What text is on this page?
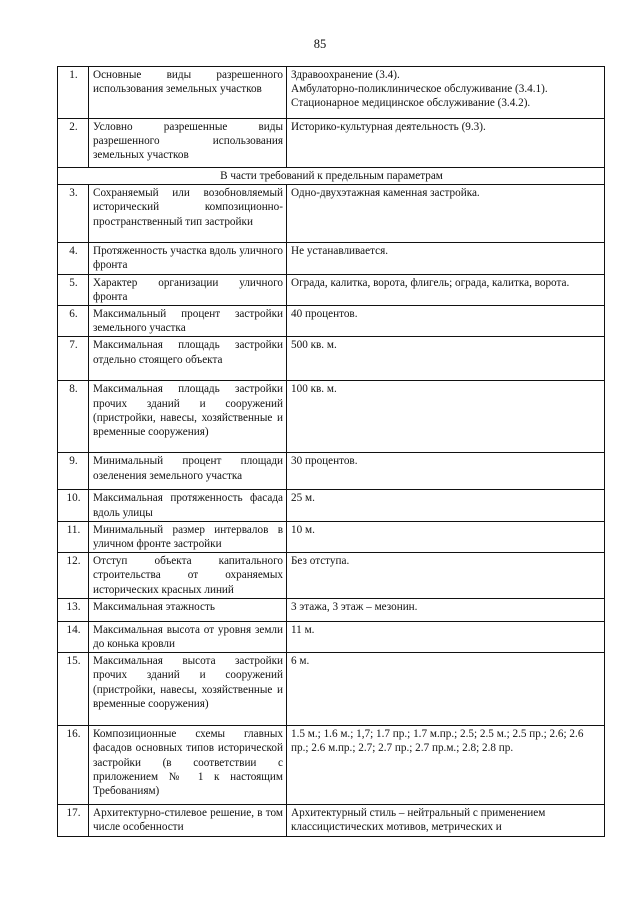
85
1.	Основные виды разрешенного использования земельных участков	Здравоохранение (3.4).
Амбулаторно-поликлиническое обслуживание (3.4.1).
Стационарное медицинское обслуживание (3.4.2).

2.	Условно разрешенные виды разрешенного использования земельных участков	Историко-культурная деятельность (9.3).

В части требований к предельным параметрам		
3.	Сохраняемый или возобновляемый исторический композиционно-пространственный тип застройки	Одно-двухэтажная каменная застройка.

4.	Протяженность участка вдоль уличного фронта	Не устанавливается.

5.	Характер организации уличного фронта	Ограда, калитка, ворота, флигель; ограда, калитка, ворота.

6.	Максимальный процент застройки земельного участка	40 процентов.

7.	Максимальная площадь застройки отдельно стоящего объекта	500 кв. м.

8.	Максимальная площадь застройки прочих зданий и сооружений (пристройки, навесы, хозяйственные и временные сооружения)	100 кв. м.

9.	Минимальный процент площади озеленения земельного участка	30 процентов.

10.	Максимальная протяженность фасада вдоль улицы	25 м.

11.	Минимальный размер интервалов в уличном фронте застройки	10 м.

12.	Отступ объекта капитального строительства от охраняемых исторических красных линий	Без отступа.

13.	Максимальная этажность	3 этажа, 3 этаж – мезонин.

14.	Максимальная высота от уровня земли до конька кровли	11 м.

15.	Максимальная высота застройки прочих зданий и сооружений (пристройки, навесы, хозяйственные и временные сооружения)	6 м.

16.	Композиционные схемы главных фасадов основных типов исторической застройки (в соответствии с приложением № 1 к настоящим Требованиям)	1.5 м.; 1.6 м.; 1,7; 1.7 пр.; 1.7 м.пр.; 2.5; 2.5 м.; 2.5 пр.; 2.6; 2.6 пр.; 2.6 м.пр.; 2.7; 2.7 пр.; 2.7 пр.м.; 2.8; 2.8 пр.

17.	Архитектурно-стилевое решение, в том числе особенности	Архитектурный стиль – нейтральный с применением классицистических мотивов, метрических и
